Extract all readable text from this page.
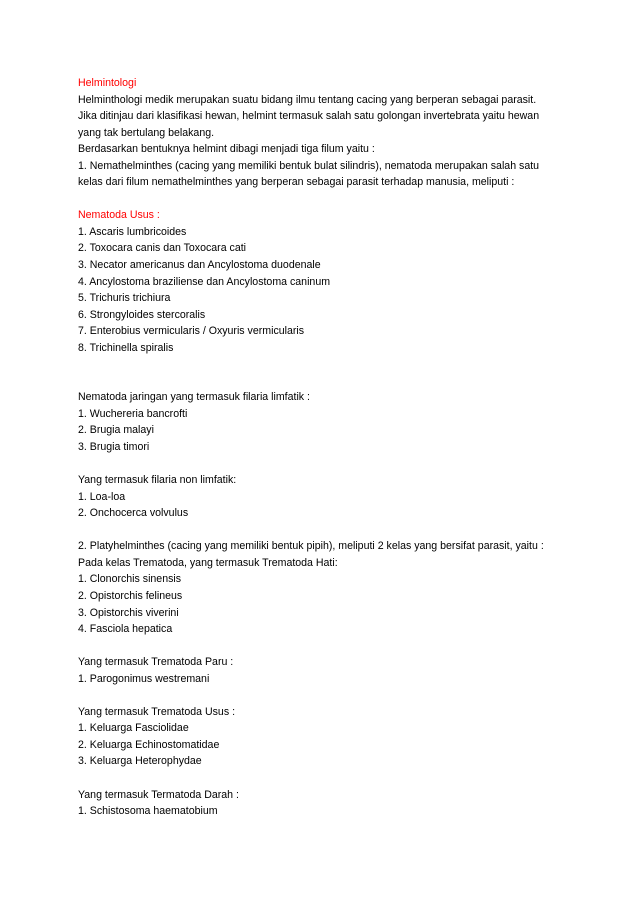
Helmintologi
Helminthologi medik merupakan suatu bidang ilmu tentang cacing yang berperan sebagai parasit.
Jika ditinjau dari klasifikasi hewan, helmint termasuk salah satu golongan invertebrata yaitu hewan
yang tak bertulang belakang.
Berdasarkan bentuknya helmint dibagi menjadi tiga filum yaitu :
1. Nemathelminthes (cacing yang memiliki bentuk bulat silindris), nematoda merupakan salah satu
kelas dari filum nemathelminthes yang berperan sebagai parasit terhadap manusia, meliputi :
Nematoda Usus :
1. Ascaris lumbricoides
2. Toxocara canis dan Toxocara cati
3. Necator americanus dan Ancylostoma duodenale
4. Ancylostoma braziliense dan Ancylostoma caninum
5. Trichuris trichiura
6. Strongyloides stercoralis
7. Enterobius vermicularis / Oxyuris vermicularis
8. Trichinella spiralis
Nematoda jaringan yang termasuk filaria limfatik :
1. Wuchereria bancrofti
2. Brugia malayi
3. Brugia timori
Yang termasuk filaria non limfatik:
1. Loa-loa
2. Onchocerca volvulus
2. Platyhelminthes (cacing yang memiliki bentuk pipih), meliputi 2 kelas yang bersifat parasit, yaitu :
Pada kelas Trematoda, yang termasuk Trematoda Hati:
1. Clonorchis sinensis
2. Opistorchis felineus
3. Opistorchis viverini
4. Fasciola hepatica
Yang termasuk Trematoda Paru :
1. Parogonimus westremani
Yang termasuk Trematoda Usus :
1. Keluarga Fasciolidae
2. Keluarga Echinostomatidae
3. Keluarga Heterophydae
Yang termasuk Termatoda Darah :
1. Schistosoma haematobium
